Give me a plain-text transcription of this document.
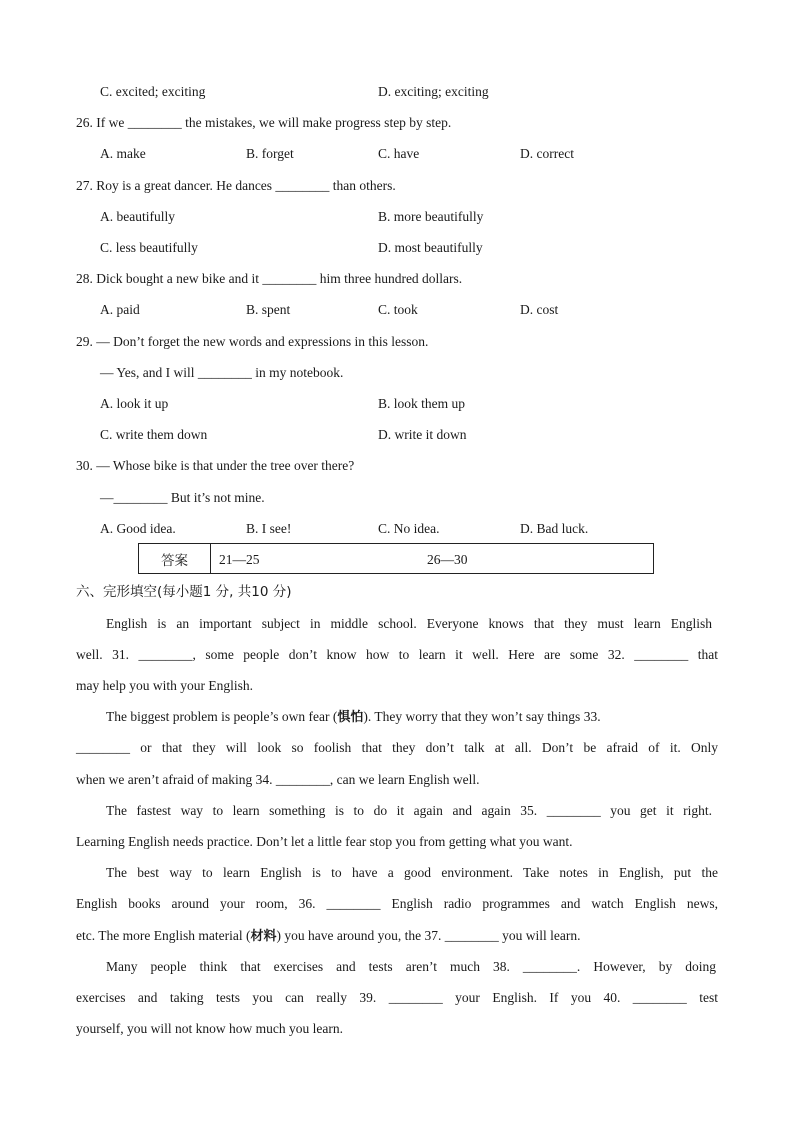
C. excited; exciting	D. exciting; exciting
26. If we ________ the mistakes, we will make progress step by step.
A. make	B. forget	C. have	D. correct
27. Roy is a great dancer. He dances ________ than others.
A. beautifully	B. more beautifully
C. less beautifully	D. most beautifully
28. Dick bought a new bike and it ________ him three hundred dollars.
A. paid	B. spent	C. took	D. cost
29. — Don’t forget the new words and expressions in this lesson.
— Yes, and I will ________ in my notebook.
A. look it up	B. look them up
C. write them down	D. write it down
30. — Whose bike is that under the tree over there?
—________ But it’s not mine.
A. Good idea.	B. I see!	C. No idea.	D. Bad luck.
答案	21—25	26—30
六、完形填空(每小题1 分, 共10 分)
English is an important subject in middle school. Everyone knows that they must learn English
well. 31. ________, some people don’t know how to learn it well. Here are some 32. ________ that
may help you with your English.
The biggest problem is people’s own fear (惧怕). They worry that they won’t say things 33.
________ or that they will look so foolish that they don’t talk at all. Don’t be afraid of it. Only
when we aren’t afraid of making 34. ________, can we learn English well.
The fastest way to learn something is to do it again and again 35. ________ you get it right.
Learning English needs practice. Don’t let a little fear stop you from getting what you want.
The best way to learn English is to have a good environment. Take notes in English, put the
English books around your room, 36. ________ English radio programmes and watch English news,
etc. The more English material (材料) you have around you, the 37. ________ you will learn.
Many people think that exercises and tests aren’t much 38. ________. However, by doing
exercises and taking tests you can really 39. ________ your English. If you 40. ________ test
yourself, you will not know how much you learn.
